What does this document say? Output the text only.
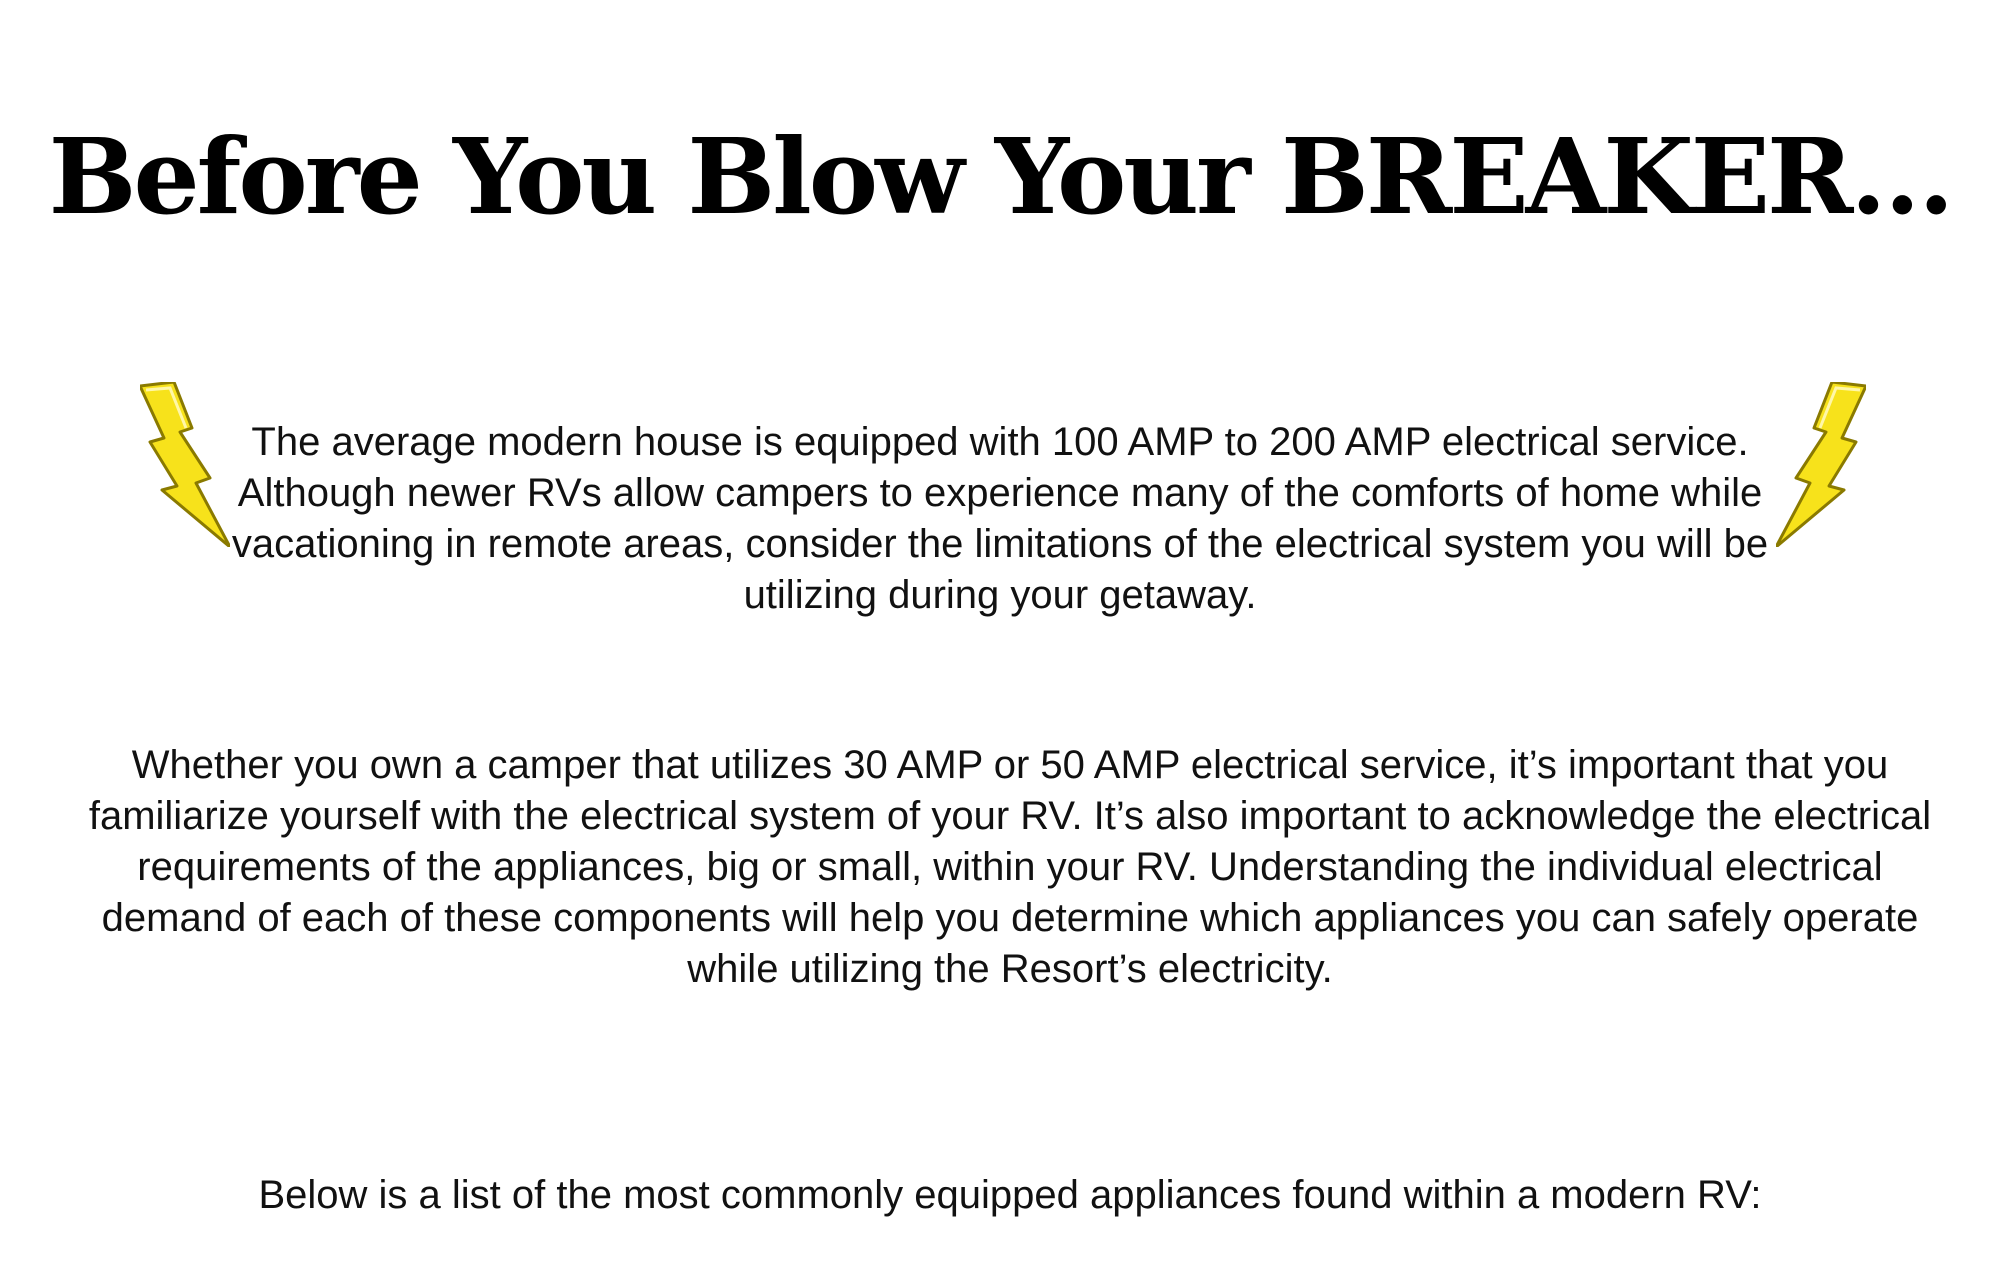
Before You Blow Your BREAKER…

The average modern house is equipped with 100 AMP to 200 AMP electrical service. Although newer RVs allow campers to experience many of the comforts of home while vacationing in remote areas, consider the limitations of the electrical system you will be utilizing during your getaway.

Whether you own a camper that utilizes 30 AMP or 50 AMP electrical service, it’s important that you familiarize yourself with the electrical system of your RV. It’s also important to acknowledge the electrical requirements of the appliances, big or small, within your RV. Understanding the individual electrical demand of each of these components will help you determine which appliances you can safely operate while utilizing the Resort’s electricity.

Below is a list of the most commonly equipped appliances found within a modern RV:
